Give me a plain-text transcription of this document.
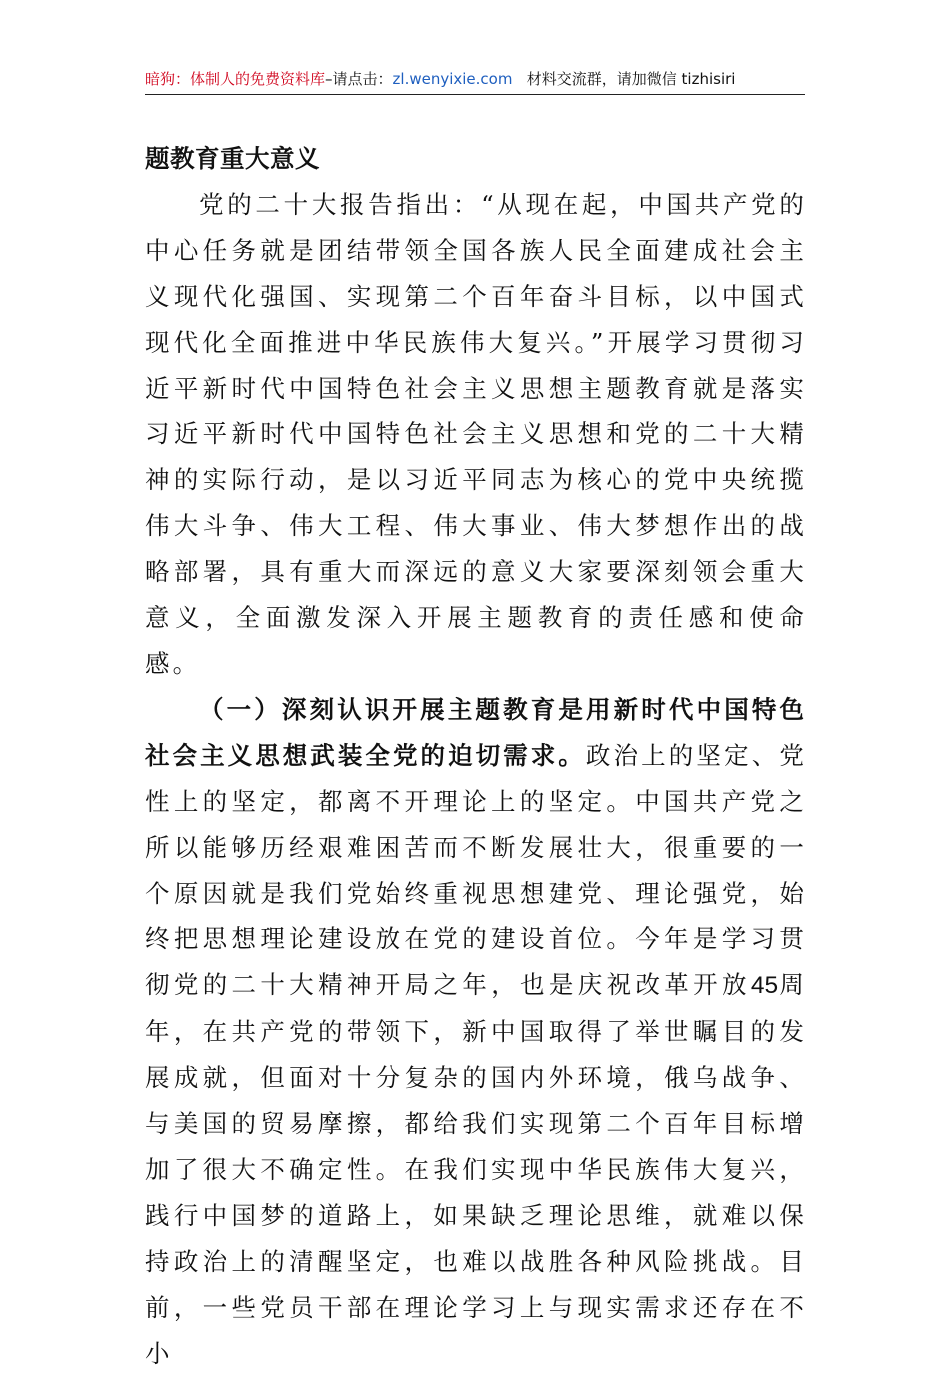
暗狗：体制人的免费资料库–请点击：zl.wenyixie.com 材料交流群，请加微信 tizhisiri

题教育重大意义

党的二十大报告指出：“从现在起，中国共产党的中心任务就是团结带领全国各族人民全面建成社会主义现代化强国、实现第二个百年奋斗目标，以中国式现代化全面推进中华民族伟大复兴。”开展学习贯彻习近平新时代中国特色社会主义思想主题教育就是落实习近平新时代中国特色社会主义思想和党的二十大精神的实际行动，是以习近平同志为核心的党中央统揽伟大斗争、伟大工程、伟大事业、伟大梦想作出的战略部署，具有重大而深远的意义大家要深刻领会重大意义，全面激发深入开展主题教育的责任感和使命感。

（一）深刻认识开展主题教育是用新时代中国特色社会主义思想武装全党的迫切需求。政治上的坚定、党性上的坚定，都离不开理论上的坚定。中国共产党之所以能够历经艰难困苦而不断发展壮大，很重要的一个原因就是我们党始终重视思想建党、理论强党，始终把思想理论建设放在党的建设首位。今年是学习贯彻党的二十大精神开局之年，也是庆祝改革开放45周年，在共产党的带领下，新中国取得了举世瞩目的发展成就，但面对十分复杂的国内外环境，俄乌战争、与美国的贸易摩擦，都给我们实现第二个百年目标增加了很大不确定性。在我们实现中华民族伟大复兴，践行中国梦的道路上，如果缺乏理论思维，就难以保持政治上的清醒坚定，也难以战胜各种风险挑战。目前，一些党员干部在理论学习上与现实需求还存在不小
